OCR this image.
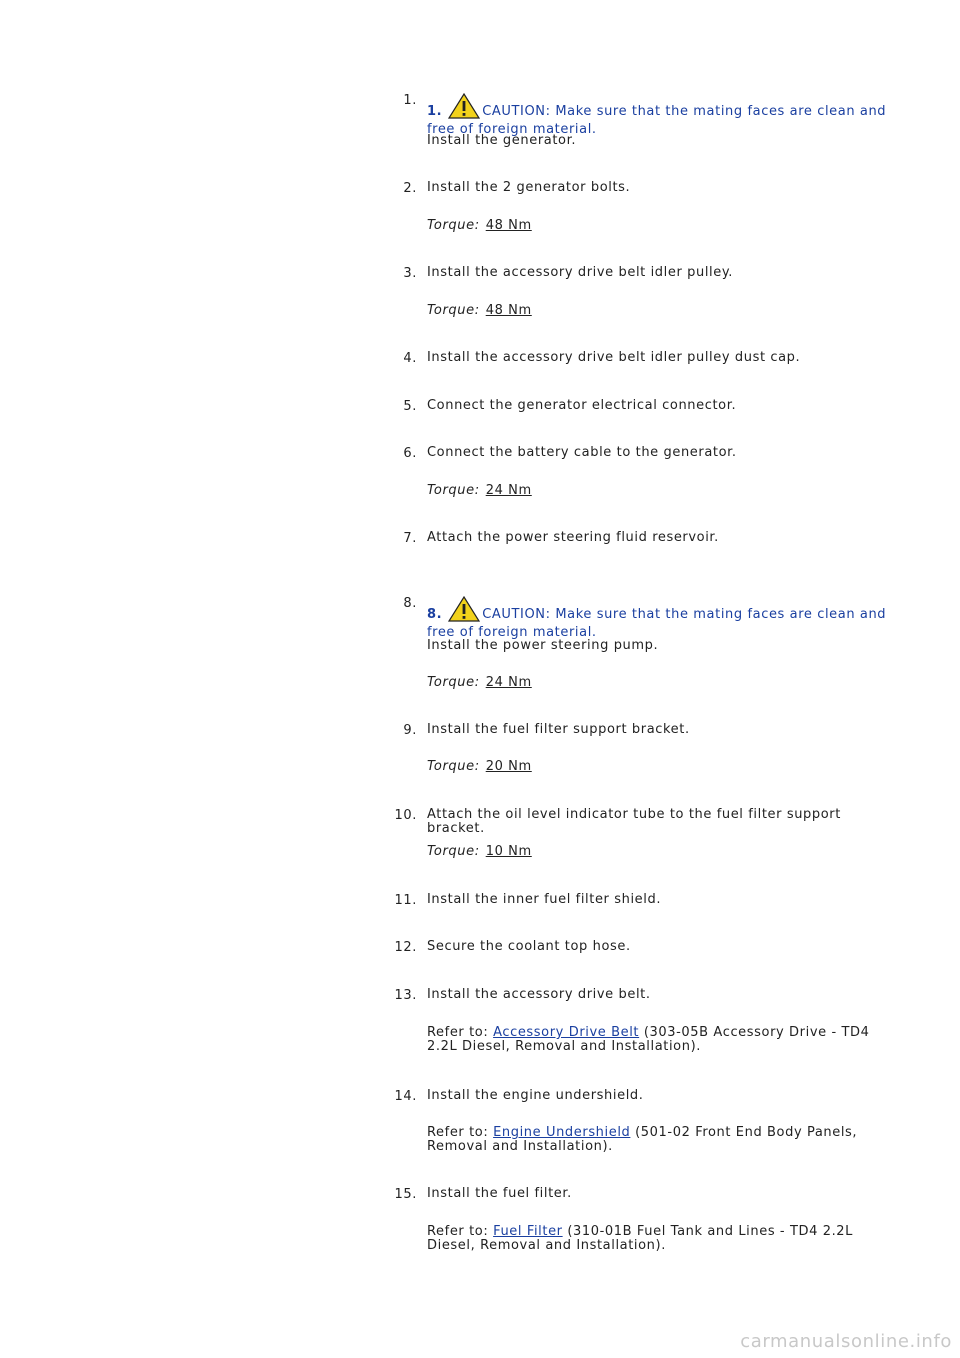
1.
1.	CAUTION: Make sure that the mating faces are clean and free of foreign material.
Install the generator.
2. Install the 2 generator bolts.
Torque: 48 Nm
3. Install the accessory drive belt idler pulley.
Torque: 48 Nm
4. Install the accessory drive belt idler pulley dust cap.
5. Connect the generator electrical connector.
6. Connect the battery cable to the generator.
Torque: 24 Nm
7. Attach the power steering fluid reservoir.
8.
8.	CAUTION: Make sure that the mating faces are clean and free of foreign material.
Install the power steering pump.
Torque: 24 Nm
9. Install the fuel filter support bracket.
Torque: 20 Nm
10. Attach the oil level indicator tube to the fuel filter support bracket.
Torque: 10 Nm
11. Install the inner fuel filter shield.
12. Secure the coolant top hose.
13. Install the accessory drive belt.
Refer to: Accessory Drive Belt (303-05B Accessory Drive - TD4 2.2L Diesel, Removal and Installation).
14. Install the engine undershield.
Refer to: Engine Undershield (501-02 Front End Body Panels, Removal and Installation).
15. Install the fuel filter.
Refer to: Fuel Filter (310-01B Fuel Tank and Lines - TD4 2.2L Diesel, Removal and Installation).
carmanualsonline.info
